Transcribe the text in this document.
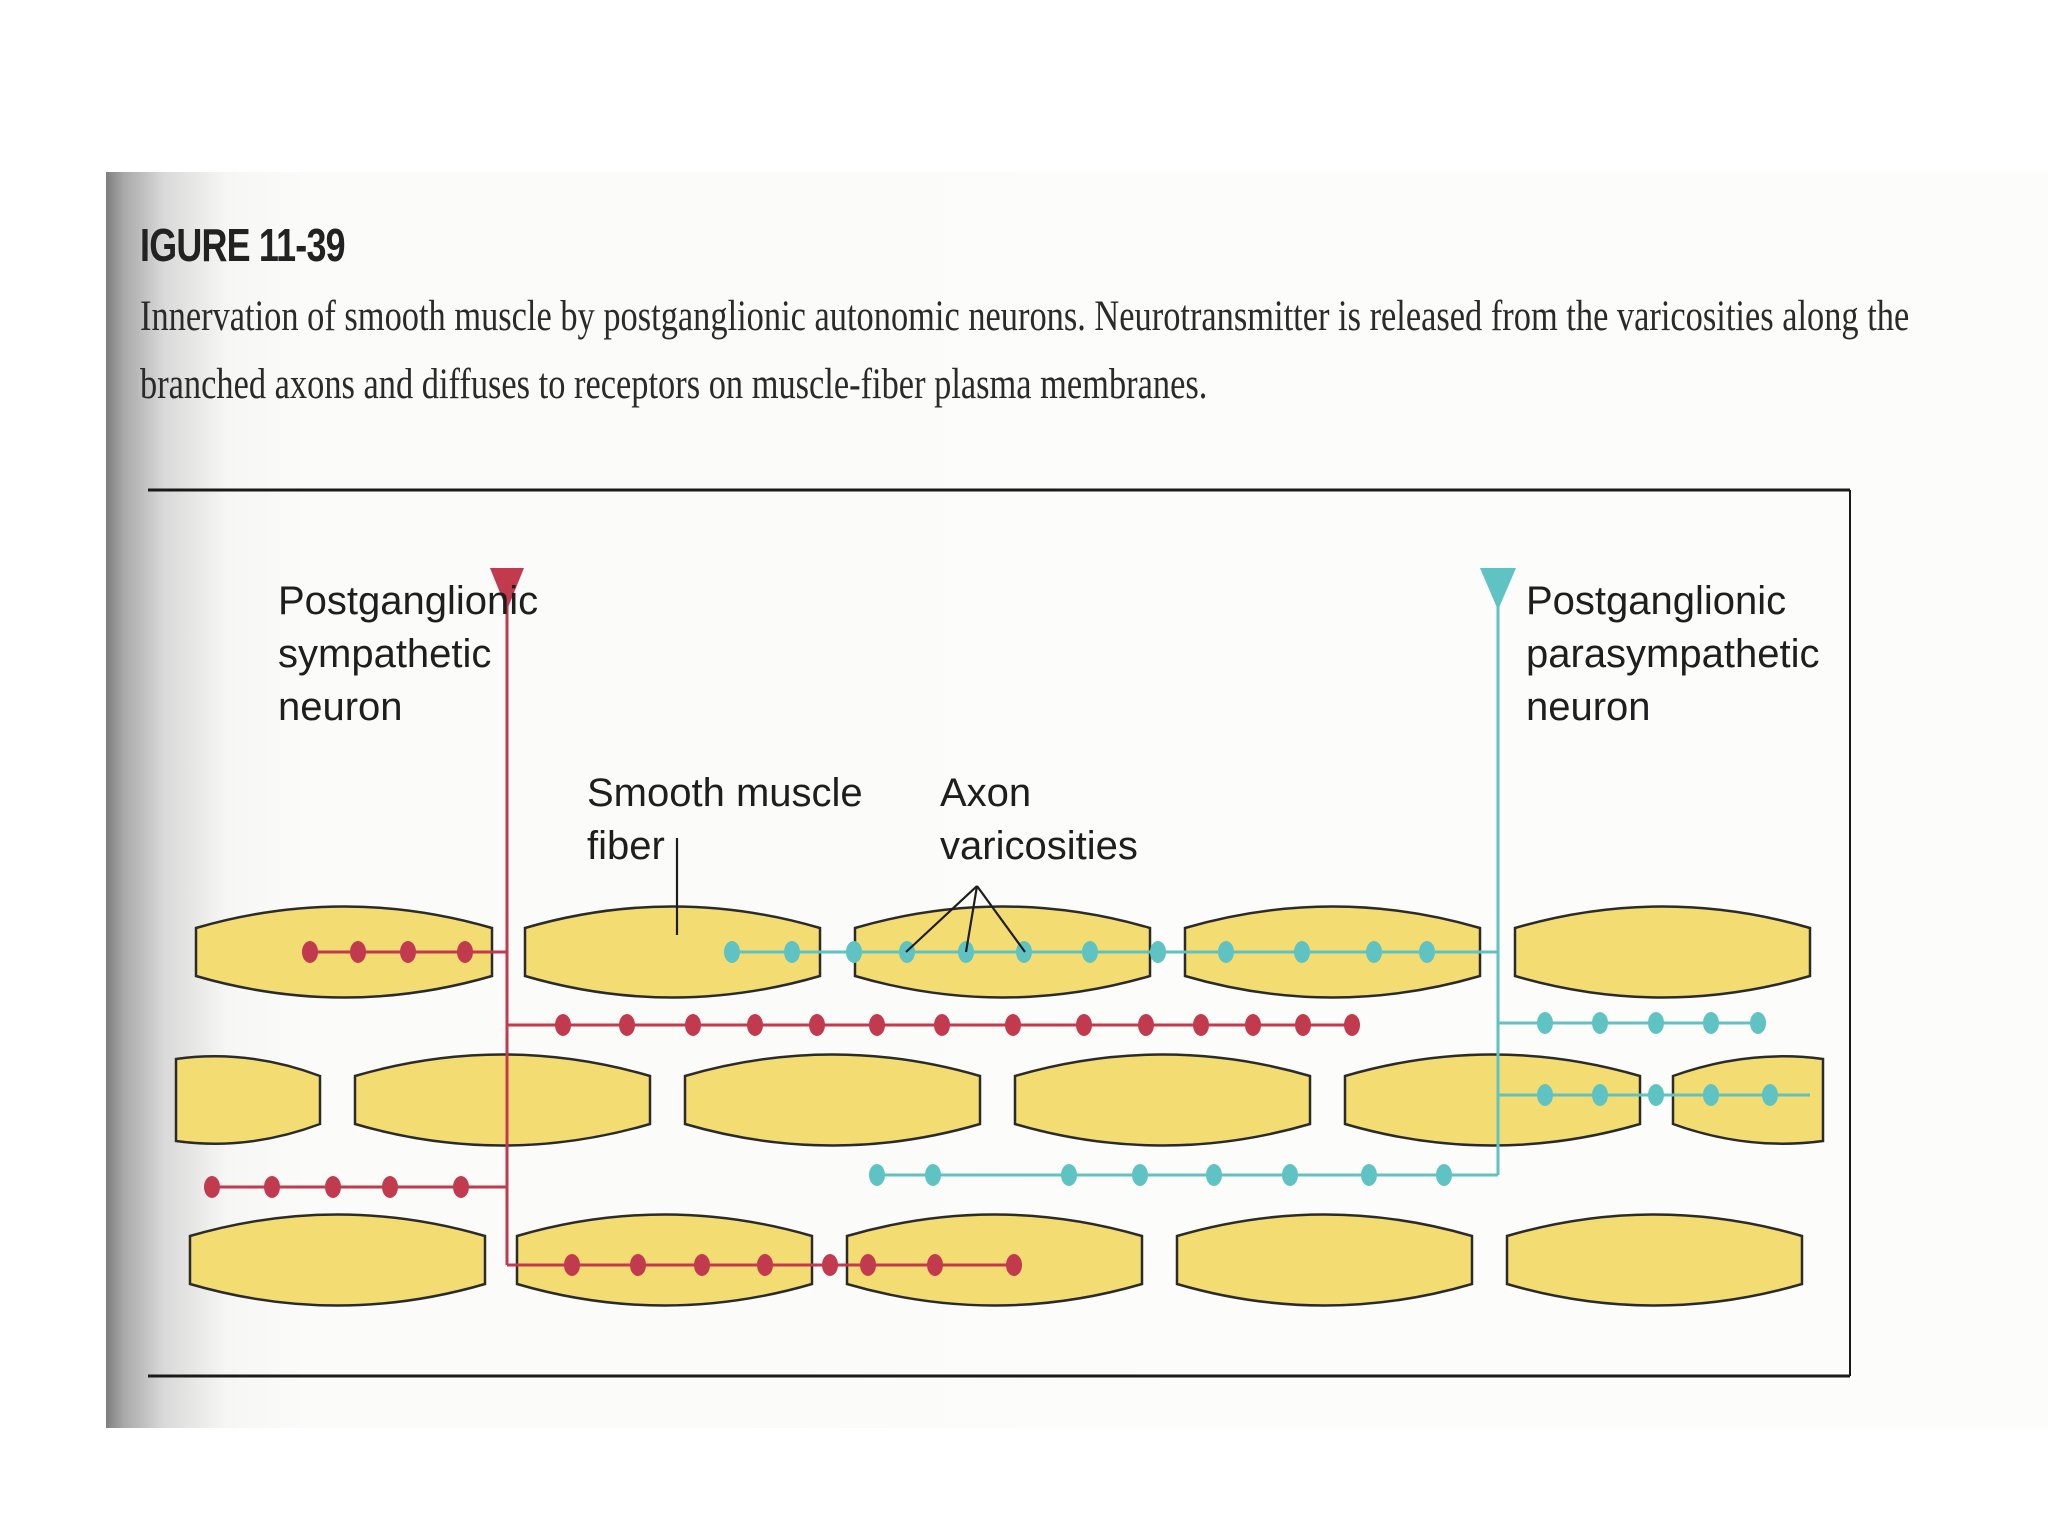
IGURE 11-39
Innervation of smooth muscle by postganglionic autonomic neurons. Neurotransmitter is released from the varicosities along the
branched axons and diffuses to receptors on muscle-fiber plasma membranes.
Postganglionic sympathetic neuron
Postganglionic parasympathetic neuron
Smooth muscle fiber
Axon varicosities
